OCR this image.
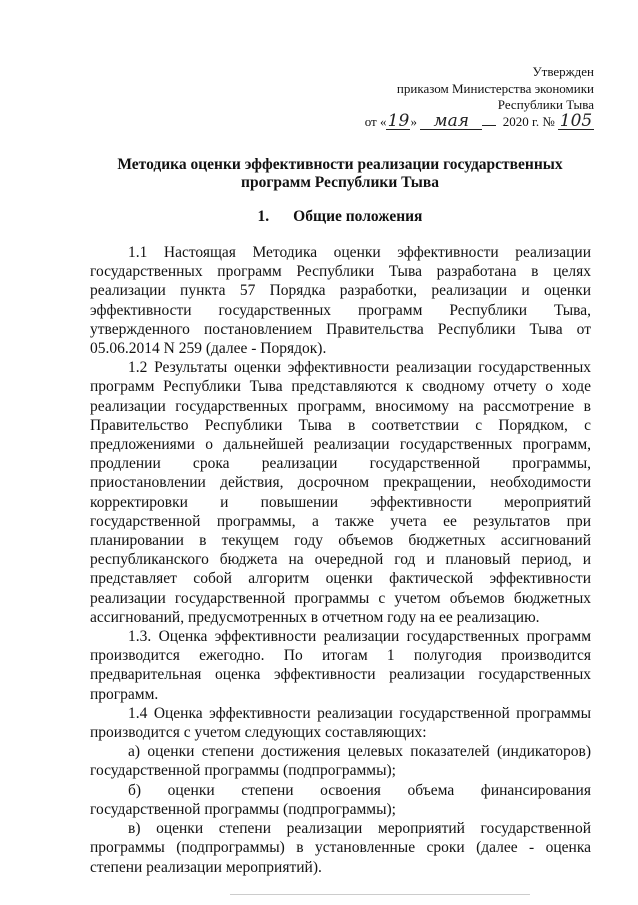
Утвержден
приказом Министерства экономики
Республики Тыва
от «19» мая	2020 г. № 105
Методика оценки эффективности реализации государственных
программ Республики Тыва
1. Общие положения

1.1 Настоящая Методика оценки эффективности реализации государственных программ Республики Тыва разработана в целях реализации пункта 57 Порядка разработки, реализации и оценки эффективности государственных программ Республики Тыва, утвержденного постановлением Правительства Республики Тыва от 05.06.2014 N 259 (далее - Порядок).

1.2 Результаты оценки эффективности реализации государственных программ Республики Тыва представляются к сводному отчету о ходе реализации государственных программ, вносимому на рассмотрение в Правительство Республики Тыва в соответствии с Порядком, с предложениями о дальнейшей реализации государственных программ, продлении срока реализации государственной программы, приостановлении действия, досрочном прекращении, необходимости корректировки и повышении эффективности мероприятий государственной программы, а также учета ее результатов при планировании в текущем году объемов бюджетных ассигнований республиканского бюджета на очередной год и плановый период, и представляет собой алгоритм оценки фактической эффективности реализации государственной программы с учетом объемов бюджетных ассигнований, предусмотренных в отчетном году на ее реализацию.

1.3. Оценка эффективности реализации государственных программ производится ежегодно. По итогам 1 полугодия производится предварительная оценка эффективности реализации государственных программ.

1.4 Оценка эффективности реализации государственной программы производится с учетом следующих составляющих:

а) оценки степени достижения целевых показателей (индикаторов) государственной программы (подпрограммы);

б) оценки степени освоения объема финансирования государственной программы (подпрограммы);

в) оценки степени реализации мероприятий государственной программы (подпрограммы) в установленные сроки (далее - оценка степени реализации мероприятий).
